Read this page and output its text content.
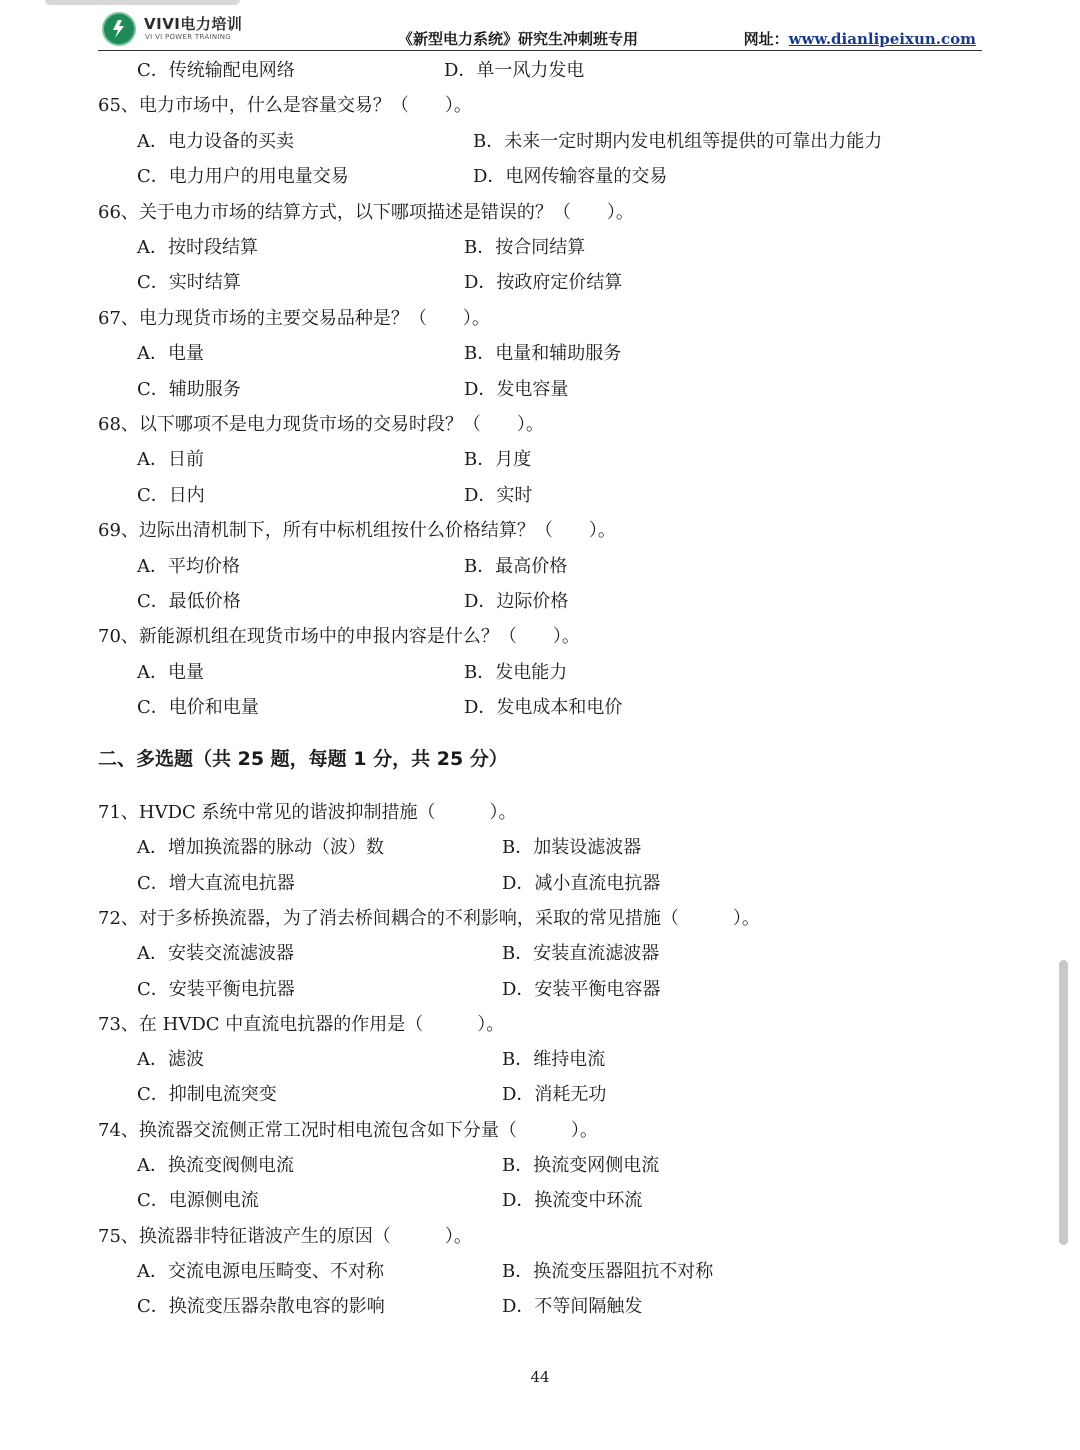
VIVI电力培训
VI VI POWER TRAINING	《新型电力系统》研究生冲刺班专用	网址：www.dianlipeixun.com
C．传统输配电网络	D．单一风力发电
65、电力市场中，什么是容量交易？（　　）。
A．电力设备的买卖	B．未来一定时期内发电机组等提供的可靠出力能力
C．电力用户的用电量交易	D．电网传输容量的交易
66、关于电力市场的结算方式，以下哪项描述是错误的？（　　）。
A．按时段结算	B．按合同结算
C．实时结算	D．按政府定价结算
67、电力现货市场的主要交易品种是？（　　）。
A．电量	B．电量和辅助服务
C．辅助服务	D．发电容量
68、以下哪项不是电力现货市场的交易时段？（　　）。
A．日前	B．月度
C．日内	D．实时
69、边际出清机制下，所有中标机组按什么价格结算？（　　）。
A．平均价格	B．最高价格
C．最低价格	D．边际价格
70、新能源机组在现货市场中的申报内容是什么？（　　）。
A．电量	B．发电能力
C．电价和电量	D．发电成本和电价
71、HVDC 系统中常见的谐波抑制措施（　　　）。
A．增加换流器的脉动（波）数	B．加装设滤波器
C．增大直流电抗器	D．减小直流电抗器
72、对于多桥换流器，为了消去桥间耦合的不利影响，采取的常见措施（　　　）。
A．安装交流滤波器	B．安装直流滤波器
C．安装平衡电抗器	D．安装平衡电容器
73、在 HVDC 中直流电抗器的作用是（　　　）。
A．滤波	B．维持电流
C．抑制电流突变	D．消耗无功
74、换流器交流侧正常工况时相电流包含如下分量（　　　）。
A．换流变阀侧电流	B．换流变网侧电流
C．电源侧电流	D．换流变中环流
75、换流器非特征谐波产生的原因（　　　）。
A．交流电源电压畸变、不对称	B．换流变压器阻抗不对称
C．换流变压器杂散电容的影响	D．不等间隔触发
二、多选题（共 25 题，每题 1 分，共 25 分）
44
